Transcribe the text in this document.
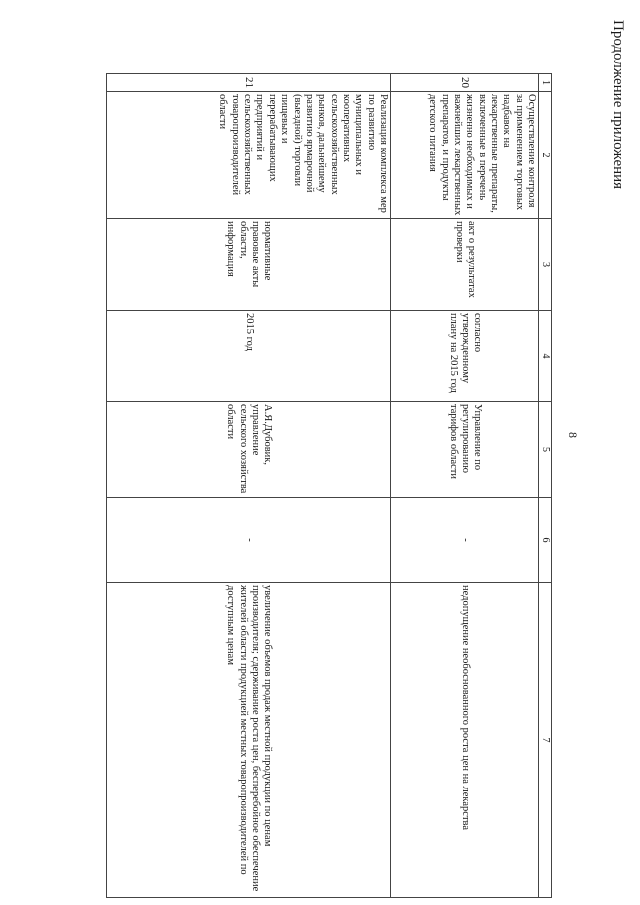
Продолжение приложения
8
1	2	3	4	5	6	7
20	Осуществление контроля за применением торговых надбавок на лекарственные препараты, включенные в перечень жизненно необходимых и важнейших лекарственных препаратов, и продукты детского питания	акт о результатах проверки	согласно утвержденному плану на 2015 год	Управление по регулированию тарифов области	-	недопущение необоснованного роста цен на лекарства
21	Реализация комплекса мер по развитию муниципальных и кооперативных сельскохозяйственных рынков, дальнейшему развитию ярмарочной (выездной) торговли пищевых и перерабатывающих предприятий и сельскохозяйственных товаропроизводителей области	нормативные правовые акты области, информация	2015 год	А.Я.Дубовик, управление сельского хозяйства области	-	увеличение объемов продаж местной продукции по ценам производителя; сдерживание роста цен, бесперебойное обеспечение жителей области продукцией местных товаропроизводителей по доступным ценам
